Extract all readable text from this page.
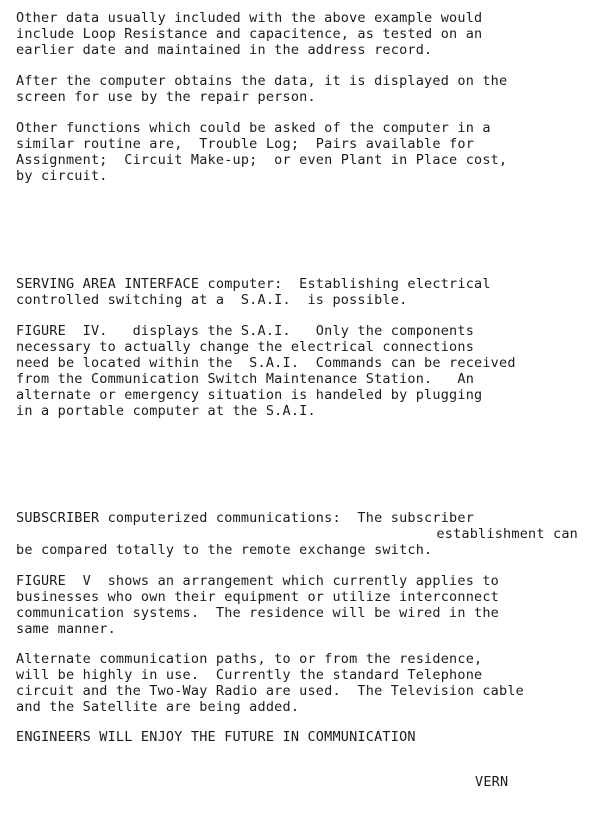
Other data usually included with the above example would
include Loop Resistance and capacitence, as tested on an
earlier date and maintained in the address record.
After the computer obtains the data, it is displayed on the
screen for use by the repair person.
Other functions which could be asked of the computer in a
similar routine are,  Trouble Log;  Pairs available for
Assignment;  Circuit Make-up;  or even Plant in Place cost,
by circuit.
SERVING AREA INTERFACE computer:  Establishing electrical
controlled switching at a  S.A.I.  is possible.
FIGURE  IV.   displays the S.A.I.   Only the components
necessary to actually change the electrical connections
need be located within the  S.A.I.  Commands can be received
from the Communication Switch Maintenance Station.   An
alternate or emergency situation is handeled by plugging
in a portable computer at the S.A.I.
SUBSCRIBER computerized communications:  The subscriber
establishment can
be compared totally to the remote exchange switch.
FIGURE  V  shows an arrangement which currently applies to
businesses who own their equipment or utilize interconnect
communication systems.  The residence will be wired in the
same manner.
Alternate communication paths, to or from the residence,
will be highly in use.  Currently the standard Telephone
circuit and the Two-Way Radio are used.  The Television cable
and the Satellite are being added.
ENGINEERS WILL ENJOY THE FUTURE IN COMMUNICATION
VERN
